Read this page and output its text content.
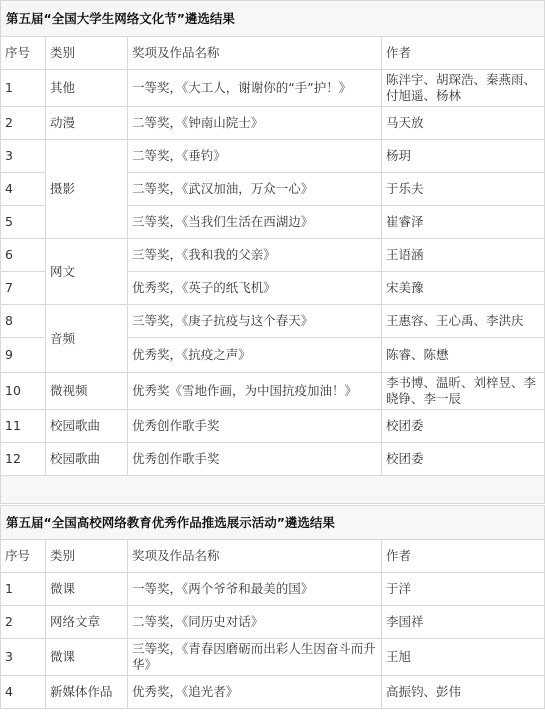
第五届“全国大学生网络文化节”遴选结果			
序号	类别	奖项及作品名称	作者
1	其他	一等奖，《大工人，谢谢你的“手”护！》	陈泮宇、胡琛浩、秦燕雨、付旭遥、杨林
2	动漫	二等奖，《钟南山院士》	马天放
3	摄影	二等奖，《垂钓》	杨玥
4		二等奖，《武汉加油，万众一心》	于乐夫
5		三等奖，《当我们生活在西湖边》	崔睿泽
6	网文	三等奖，《我和我的父亲》	王语涵
7		优秀奖，《英子的纸飞机》	宋美豫
8	音频	三等奖，《庚子抗疫与这个春天》	王惠容、王心禹、李洪庆
9		优秀奖，《抗疫之声》	陈睿、陈懋
10	微视频	优秀奖《雪地作画，为中国抗疫加油！》	李书博、温昕、刘梓昱、李晓铮、李一辰
11	校园歌曲	优秀创作歌手奖	校团委
12	校园歌曲	优秀创作歌手奖	校团委

第五届“全国高校网络教育优秀作品推选展示活动”遴选结果			
序号	类别	奖项及作品名称	作者
1	微课	一等奖，《两个爷爷和最美的国》	于洋
2	网络文章	二等奖，《同历史对话》	李国祥
3	微课	三等奖，《青春因磨砺而出彩人生因奋斗而升华》	王旭
4	新媒体作品	优秀奖，《追光者》	高振钧、彭伟
